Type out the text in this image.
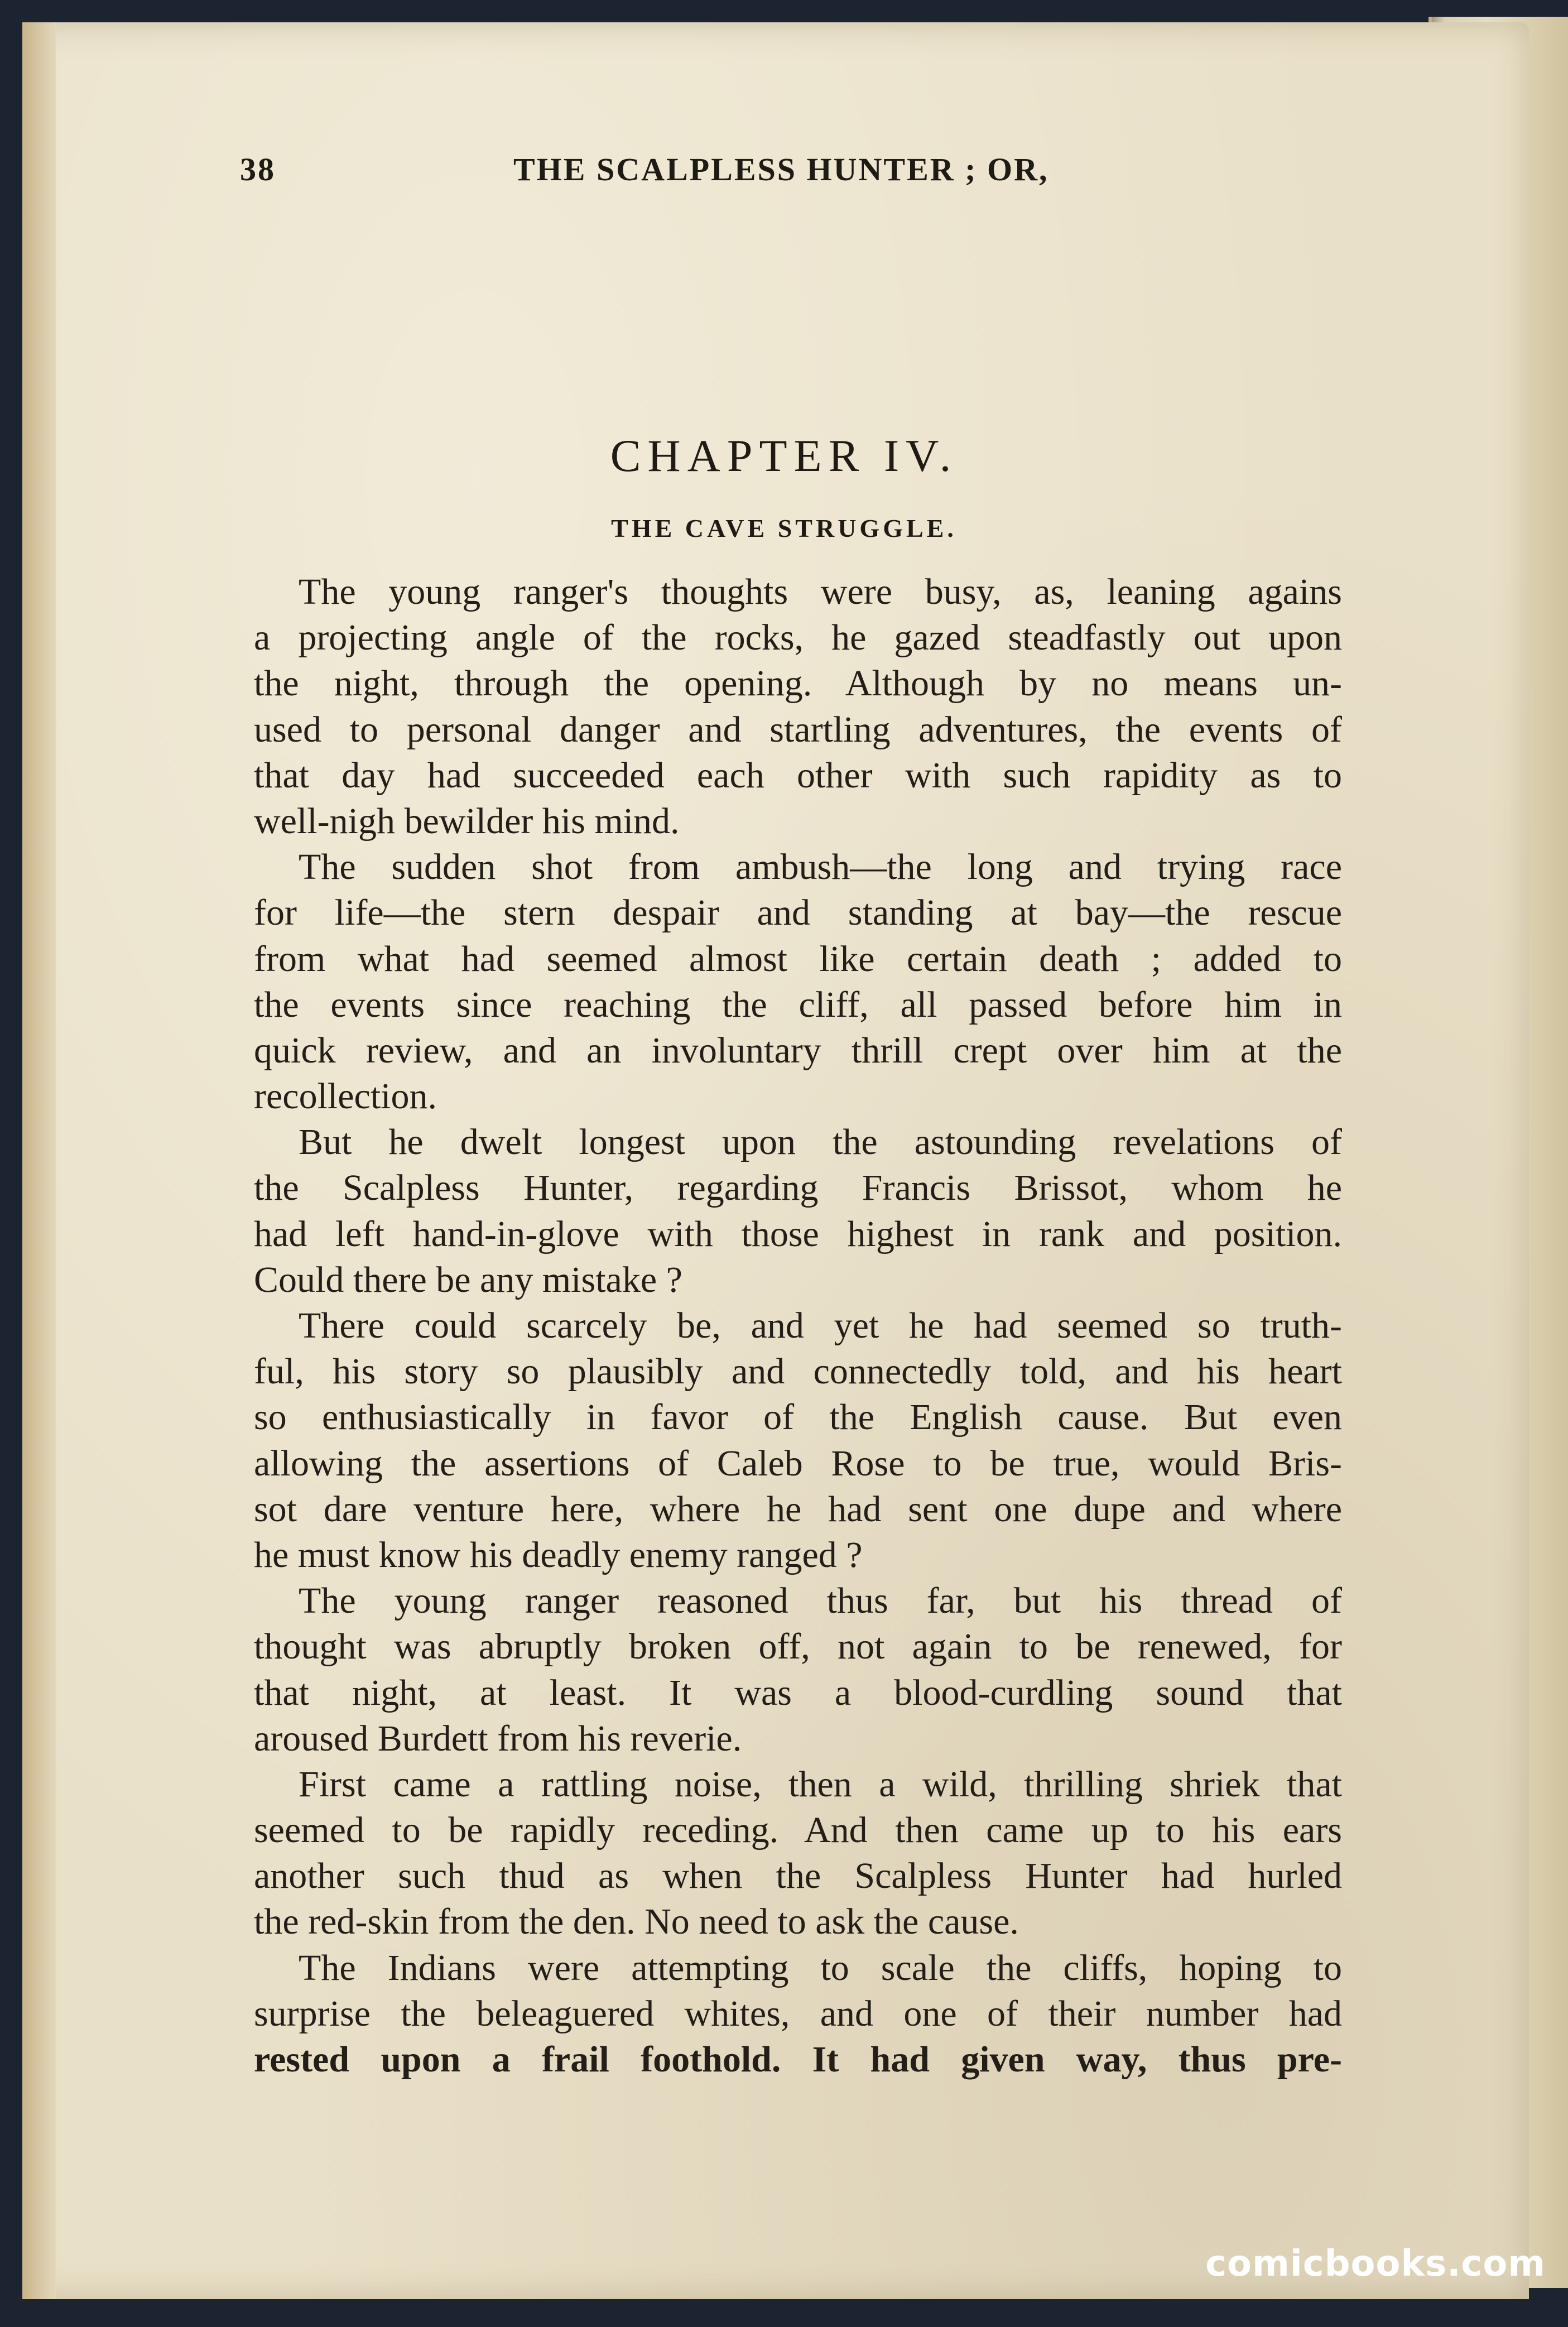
38	THE SCALPLESS HUNTER ; OR,
CHAPTER IV.
THE CAVE STRUGGLE.
The young ranger's thoughts were busy, as, leaning agains
a projecting angle of the rocks, he gazed steadfastly out upon
the night, through the opening. Although by no means un-
used to personal danger and startling adventures, the events of
that day had succeeded each other with such rapidity as to
well-nigh bewilder his mind.
The sudden shot from ambush—the long and trying race
for life—the stern despair and standing at bay—the rescue
from what had seemed almost like certain death ; added to
the events since reaching the cliff, all passed before him in
quick review, and an involuntary thrill crept over him at the
recollection.
But he dwelt longest upon the astounding revelations of
the Scalpless Hunter, regarding Francis Brissot, whom he
had left hand-in-glove with those highest in rank and position.
Could there be any mistake ?
There could scarcely be, and yet he had seemed so truth-
ful, his story so plausibly and connectedly told, and his heart
so enthusiastically in favor of the English cause. But even
allowing the assertions of Caleb Rose to be true, would Bris-
sot dare venture here, where he had sent one dupe and where
he must know his deadly enemy ranged ?
The young ranger reasoned thus far, but his thread of
thought was abruptly broken off, not again to be renewed, for
that night, at least. It was a blood-curdling sound that
aroused Burdett from his reverie.
First came a rattling noise, then a wild, thrilling shriek that
seemed to be rapidly receding. And then came up to his ears
another such thud as when the Scalpless Hunter had hurled
the red-skin from the den. No need to ask the cause.
The Indians were attempting to scale the cliffs, hoping to
surprise the beleaguered whites, and one of their number had
rested upon a frail foothold. It had given way, thus pre-
comicbooks.com
